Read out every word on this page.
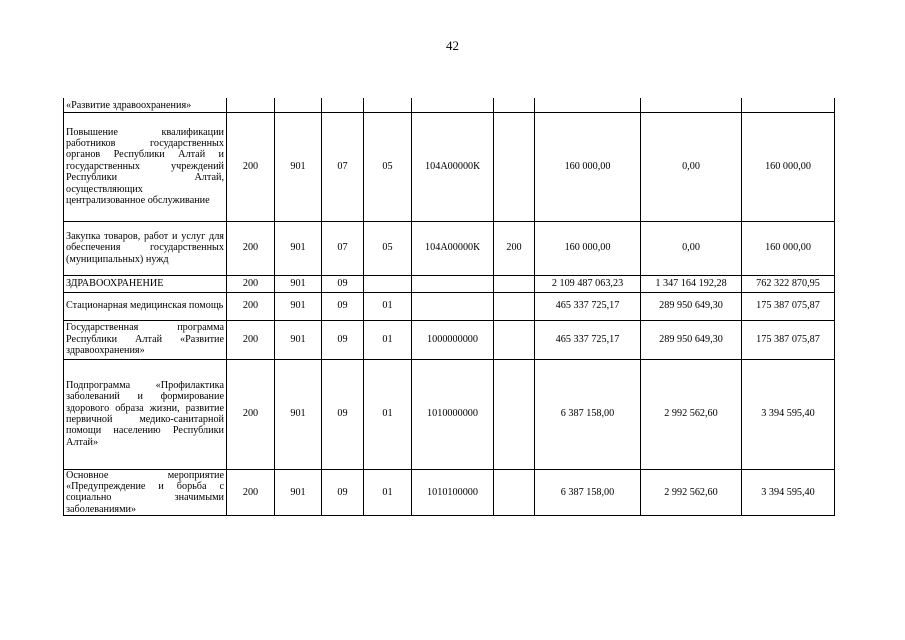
42
«Развитие здравоохранения»									
Повышение квалификации работников государственных органов Республики Алтай и государственных учреждений Республики Алтай, осуществляющих централизованное обслуживание	200	901	07	05	104А00000К		160 000,00	0,00	160 000,00
Закупка товаров, работ и услуг для обеспечения государственных (муниципальных) нужд	200	901	07	05	104А00000К	200	160 000,00	0,00	160 000,00
ЗДРАВООХРАНЕНИЕ	200	901	09				2 109 487 063,23	1 347 164 192,28	762 322 870,95
Стационарная медицинская помощь	200	901	09	01			465 337 725,17	289 950 649,30	175 387 075,87
Государственная программа Республики Алтай «Развитие здравоохранения»	200	901	09	01	1000000000		465 337 725,17	289 950 649,30	175 387 075,87
Подпрограмма «Профилактика заболеваний и формирование здорового образа жизни, развитие первичной медико-санитарной помощи населению Республики Алтай»	200	901	09	01	1010000000		6 387 158,00	2 992 562,60	3 394 595,40
Основное мероприятие «Предупреждение и борьба с социально значимыми заболеваниями»	200	901	09	01	1010100000		6 387 158,00	2 992 562,60	3 394 595,40
